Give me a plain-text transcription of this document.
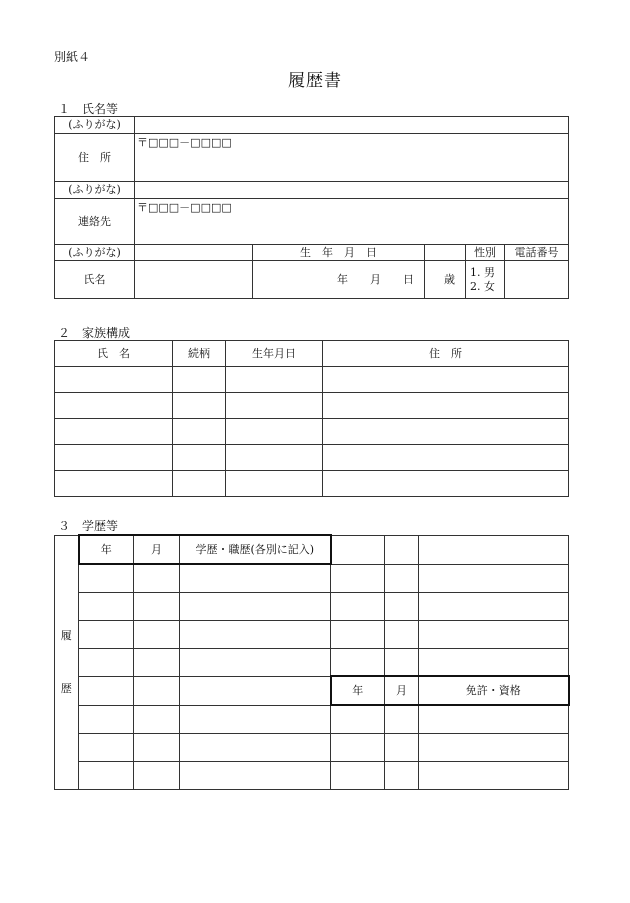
別紙４
履歴書
１　氏名等
(ふりがな)					
住　所	〒□□□－□□□□				
(ふりがな)					
連絡先	〒□□□－□□□□				
(ふりがな)		生　年　月　日		性別	電話番号
氏名		年　　月　　日	歳	1. 男
2. 女	

２　家族構成
氏　名	続柄	生年月日	住　所

３　学歴等
履
歴	年	月	学歴・職歴(各別に記入)			

				年	月	免許・資格
